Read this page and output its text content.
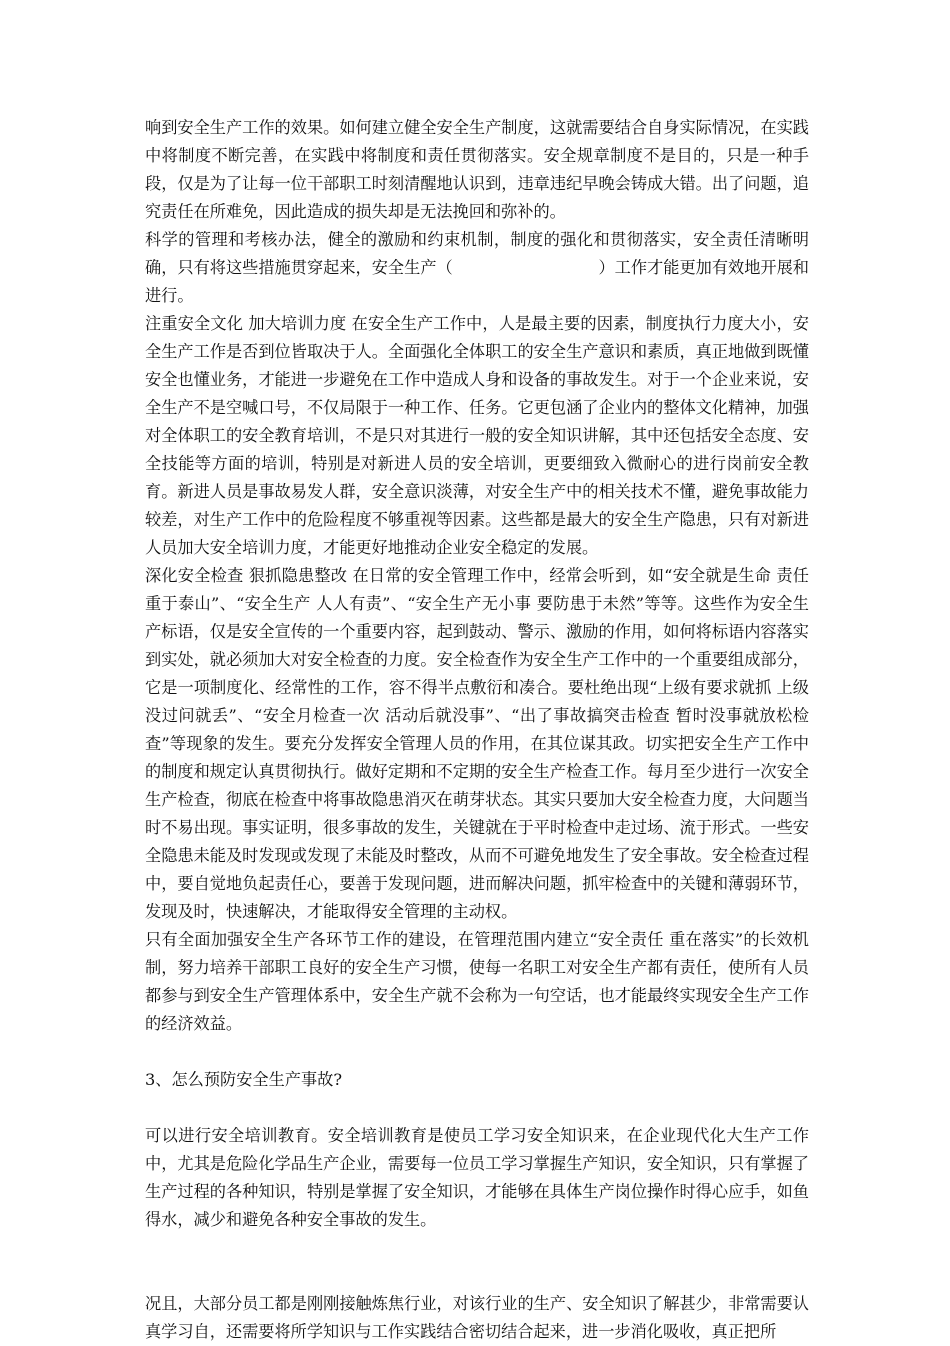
响到安全生产工作的效果。如何建立健全安全生产制度，这就需要结合自身实际情况，在实践中将制度不断完善，在实践中将制度和责任贯彻落实。安全规章制度不是目的，只是一种手段，仅是为了让每一位干部职工时刻清醒地认识到，违章违纪早晚会铸成大错。出了问题，追究责任在所难免，因此造成的损失却是无法挽回和弥补的。

科学的管理和考核办法，健全的激励和约束机制，制度的强化和贯彻落实，安全责任清晰明确，只有将这些措施贯穿起来，安全生产（　　　　　　　　　）工作才能更加有效地开展和进行。

注重安全文化 加大培训力度 在安全生产工作中，人是最主要的因素，制度执行力度大小，安全生产工作是否到位皆取决于人。全面强化全体职工的安全生产意识和素质，真正地做到既懂安全也懂业务，才能进一步避免在工作中造成人身和设备的事故发生。对于一个企业来说，安全生产不是空喊口号，不仅局限于一种工作、任务。它更包涵了企业内的整体文化精神，加强对全体职工的安全教育培训，不是只对其进行一般的安全知识讲解，其中还包括安全态度、安全技能等方面的培训，特别是对新进人员的安全培训，更要细致入微耐心的进行岗前安全教育。新进人员是事故易发人群，安全意识淡薄，对安全生产中的相关技术不懂，避免事故能力较差，对生产工作中的危险程度不够重视等因素。这些都是最大的安全生产隐患，只有对新进人员加大安全培训力度，才能更好地推动企业安全稳定的发展。

深化安全检查 狠抓隐患整改 在日常的安全管理工作中，经常会听到，如“安全就是生命 责任重于泰山”、“安全生产 人人有责”、“安全生产无小事 要防患于未然”等等。这些作为安全生产标语，仅是安全宣传的一个重要内容，起到鼓动、警示、激励的作用，如何将标语内容落实到实处，就必须加大对安全检查的力度。安全检查作为安全生产工作中的一个重要组成部分，它是一项制度化、经常性的工作，容不得半点敷衍和凑合。要杜绝出现“上级有要求就抓 上级没过问就丢”、“安全月检查一次 活动后就没事”、“出了事故搞突击检查 暂时没事就放松检查”等现象的发生。要充分发挥安全管理人员的作用，在其位谋其政。切实把安全生产工作中的制度和规定认真贯彻执行。做好定期和不定期的安全生产检查工作。每月至少进行一次安全生产检查，彻底在检查中将事故隐患消灭在萌芽状态。其实只要加大安全检查力度，大问题当时不易出现。事实证明，很多事故的发生，关键就在于平时检查中走过场、流于形式。一些安全隐患未能及时发现或发现了未能及时整改，从而不可避免地发生了安全事故。安全检查过程中，要自觉地负起责任心，要善于发现问题，进而解决问题，抓牢检查中的关键和薄弱环节，发现及时，快速解决，才能取得安全管理的主动权。

只有全面加强安全生产各环节工作的建设，在管理范围内建立“安全责任 重在落实”的长效机制，努力培养干部职工良好的安全生产习惯，使每一名职工对安全生产都有责任，使所有人员都参与到安全生产管理体系中，安全生产就不会称为一句空话，也才能最终实现安全生产工作的经济效益。

3、怎么预防安全生产事故?

可以进行安全培训教育。安全培训教育是使员工学习安全知识来，在企业现代化大生产工作中，尤其是危险化学品生产企业，需要每一位员工学习掌握生产知识，安全知识，只有掌握了生产过程的各种知识，特别是掌握了安全知识，才能够在具体生产岗位操作时得心应手，如鱼得水，减少和避免各种安全事故的发生。

况且，大部分员工都是刚刚接触炼焦行业，对该行业的生产、安全知识了解甚少，非常需要认真学习自，还需要将所学知识与工作实践结合密切结合起来，进一步消化吸收，真正把所
